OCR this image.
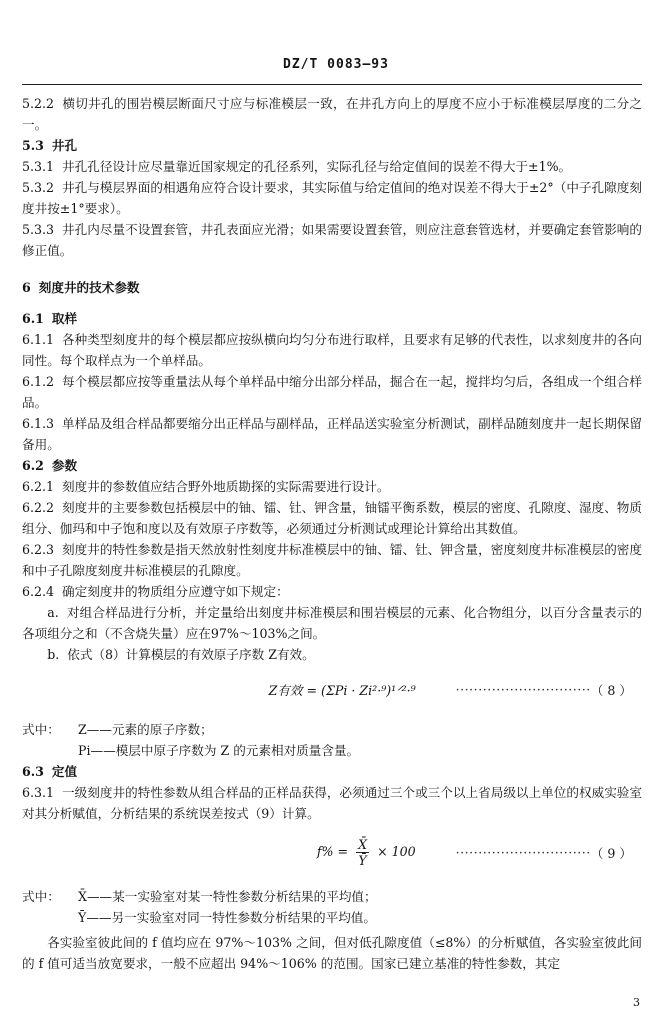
DZ/T 0083—93

5.2.2 横切井孔的围岩模层断面尺寸应与标准模层一致，在井孔方向上的厚度不应小于标准模层厚度的二分之一。

5.3 井孔

5.3.1 井孔孔径设计应尽量靠近国家规定的孔径系列，实际孔径与给定值间的误差不得大于±1%。

5.3.2 井孔与模层界面的相遇角应符合设计要求，其实际值与给定值间的绝对误差不得大于±2°（中子孔隙度刻度井按±1°要求）。

5.3.3 井孔内尽量不设置套管，井孔表面应光滑；如果需要设置套管，则应注意套管选材，并要确定套管影响的修正值。

6 刻度井的技术参数

6.1 取样

6.1.1 各种类型刻度井的每个模层都应按纵横向均匀分布进行取样，且要求有足够的代表性，以求刻度井的各向同性。每个取样点为一个单样品。

6.1.2 每个模层都应按等重量法从每个单样品中缩分出部分样品，掘合在一起，搅拌均匀后，各组成一个组合样品。

6.1.3 单样品及组合样品都要缩分出正样品与副样品，正样品送实验室分析测试，副样品随刻度井一起长期保留备用。

6.2 参数

6.2.1 刻度井的参数值应结合野外地质勘探的实际需要进行设计。

6.2.2 刻度井的主要参数包括模层中的铀、镭、钍、钾含量，铀镭平衡系数，模层的密度、孔隙度、湿度、物质组分、伽玛和中子饱和度以及有效原子序数等，必须通过分析测试或理论计算给出其数值。

6.2.3 刻度井的特性参数是指天然放射性刻度井标准模层中的铀、镭、钍、钾含量，密度刻度井标准模层的密度和中子孔隙度刻度井标准模层的孔隙度。

6.2.4 确定刻度井的物质组分应遵守如下规定：

a. 对组合样品进行分析，并定量给出刻度井标准模层和围岩模层的元素、化合物组分，以百分含量表示的各项组分之和（不含烧失量）应在97%～103%之间。

b. 依式（8）计算模层的有效原子序数 Z有效。

Z有效 = (ΣPi · Zi²·⁹)¹ᐟ²·⁹	······························ （ 8 ）
式中：	Z——元素的原子序数；
Pi——模层中原子序数为 Z 的元素相对质量含量。

6.3 定值

6.3.1 一级刻度井的特性参数从组合样品的正样品获得，必须通过三个或三个以上省局级以上单位的权威实验室对其分析赋值，分析结果的系统误差按式（9）计算。

$f\% = \frac{X̄}{Ȳ} \times 100$	······························ （ 9 ）
式中：	X̄——某一实验室对某一特性参数分析结果的平均值；
Ȳ——另一实验室对同一特性参数分析结果的平均值。

各实验室彼此间的 f 值均应在 97%～103% 之间，但对低孔隙度值（≤8%）的分析赋值，各实验室彼此间的 f 值可适当放宽要求，一般不应超出 94%～106% 的范围。国家已建立基准的特性参数，其定

3
